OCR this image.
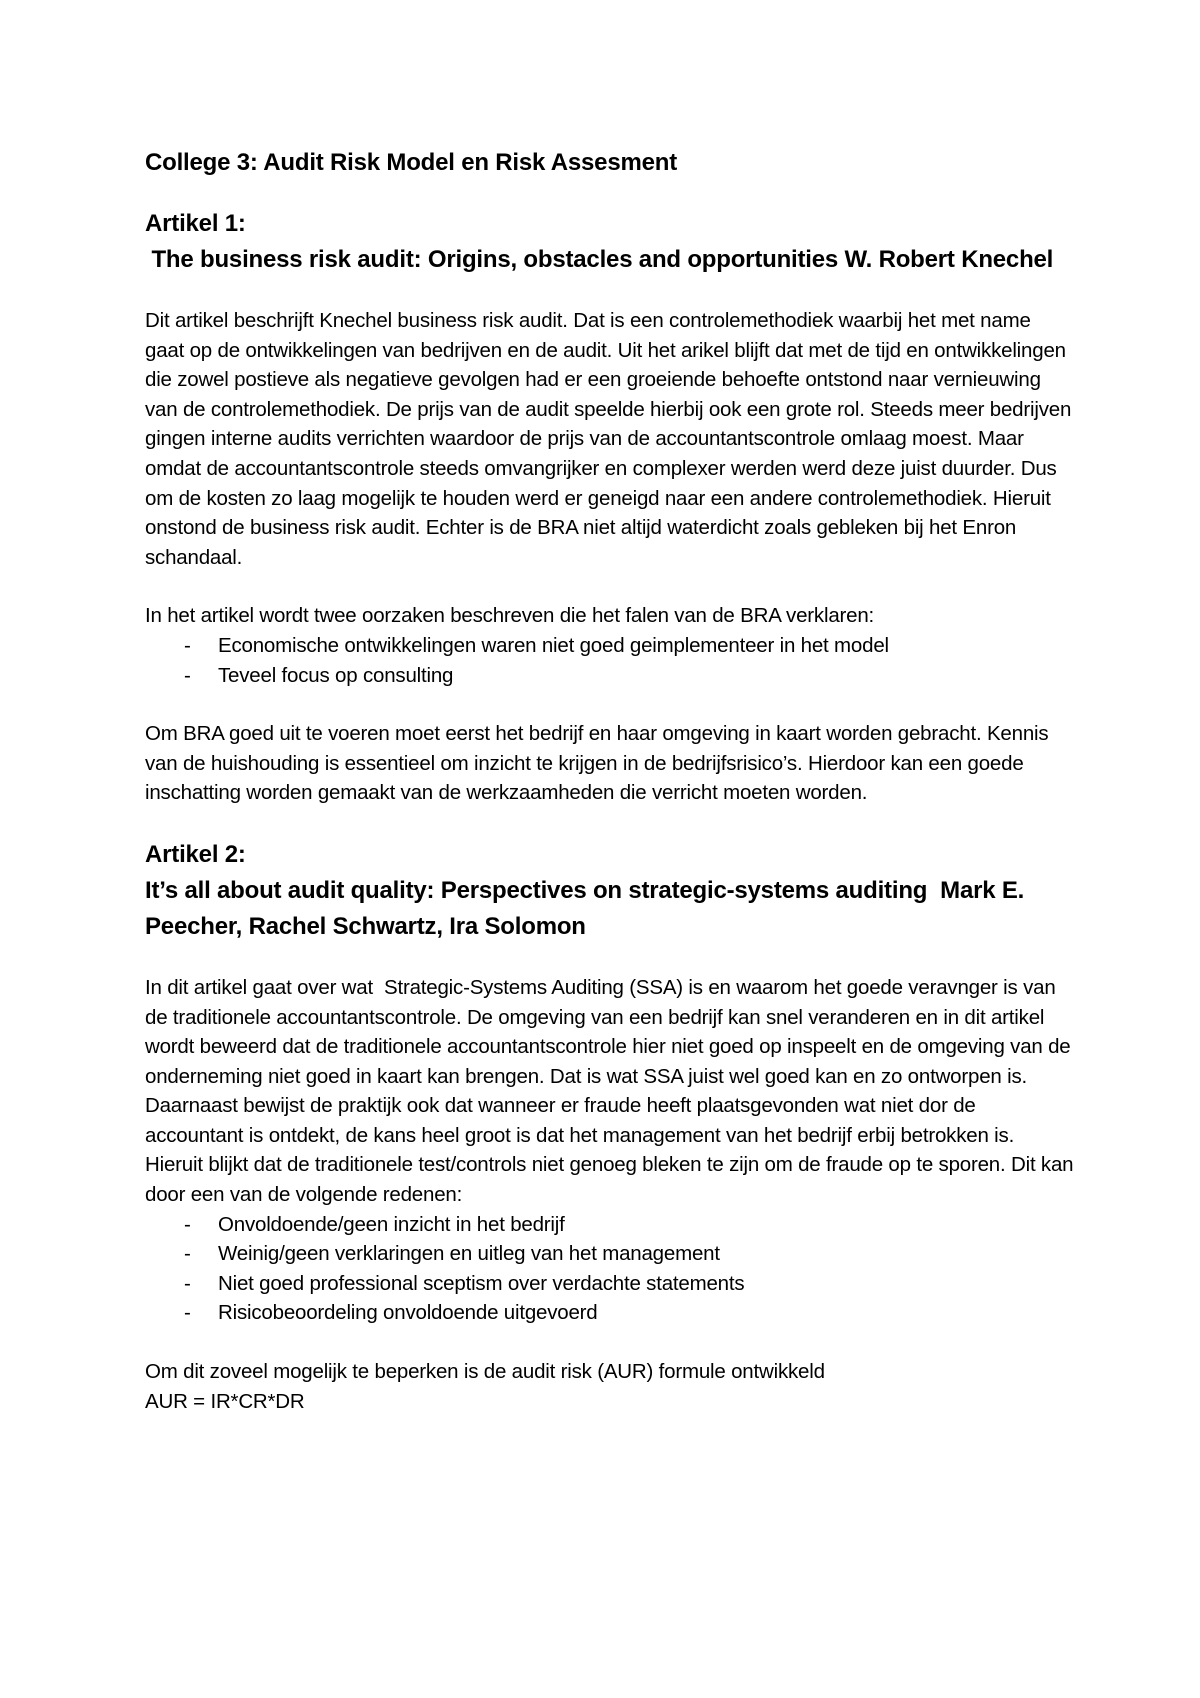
College 3: Audit Risk Model en Risk Assesment
Artikel 1:
The business risk audit: Origins, obstacles and opportunities W. Robert Knechel

Dit artikel beschrijft Knechel business risk audit. Dat is een controlemethodiek waarbij het met name gaat op de ontwikkelingen van bedrijven en de audit. Uit het arikel blijft dat met de tijd en ontwikkelingen die zowel postieve als negatieve gevolgen had er een groeiende behoefte ontstond naar vernieuwing van de controlemethodiek. De prijs van de audit speelde hierbij ook een grote rol. Steeds meer bedrijven gingen interne audits verrichten waardoor de prijs van de accountantscontrole omlaag moest. Maar omdat de accountantscontrole steeds omvangrijker en complexer werden werd deze juist duurder. Dus om de kosten zo laag mogelijk te houden werd er geneigd naar een andere controlemethodiek. Hieruit onstond de business risk audit. Echter is de BRA niet altijd waterdicht zoals gebleken bij het Enron schandaal.

In het artikel wordt twee oorzaken beschreven die het falen van de BRA verklaren:

- Economische ontwikkelingen waren niet goed geimplementeer in het model
- Teveel focus op consulting

Om BRA goed uit te voeren moet eerst het bedrijf en haar omgeving in kaart worden gebracht. Kennis van de huishouding is essentieel om inzicht te krijgen in de bedrijfsrisico’s. Hierdoor kan een goede inschatting worden gemaakt van de werkzaamheden die verricht moeten worden.

Artikel 2:
It’s all about audit quality: Perspectives on strategic-systems auditing  Mark E. Peecher, Rachel Schwartz, Ira Solomon

In dit artikel gaat over wat  Strategic-Systems Auditing (SSA) is en waarom het goede veravnger is van de traditionele accountantscontrole. De omgeving van een bedrijf kan snel veranderen en in dit artikel wordt beweerd dat de traditionele accountantscontrole hier niet goed op inspeelt en de omgeving van de onderneming niet goed in kaart kan brengen. Dat is wat SSA juist wel goed kan en zo ontworpen is. Daarnaast bewijst de praktijk ook dat wanneer er fraude heeft plaatsgevonden wat niet dor de accountant is ontdekt, de kans heel groot is dat het management van het bedrijf erbij betrokken is. Hieruit blijkt dat de traditionele test/controls niet genoeg bleken te zijn om de fraude op te sporen. Dit kan door een van de volgende redenen:

- Onvoldoende/geen inzicht in het bedrijf
- Weinig/geen verklaringen en uitleg van het management
- Niet goed professional sceptism over verdachte statements
- Risicobeoordeling onvoldoende uitgevoerd

Om dit zoveel mogelijk te beperken is de audit risk (AUR) formule ontwikkeld

AUR = IR*CR*DR
